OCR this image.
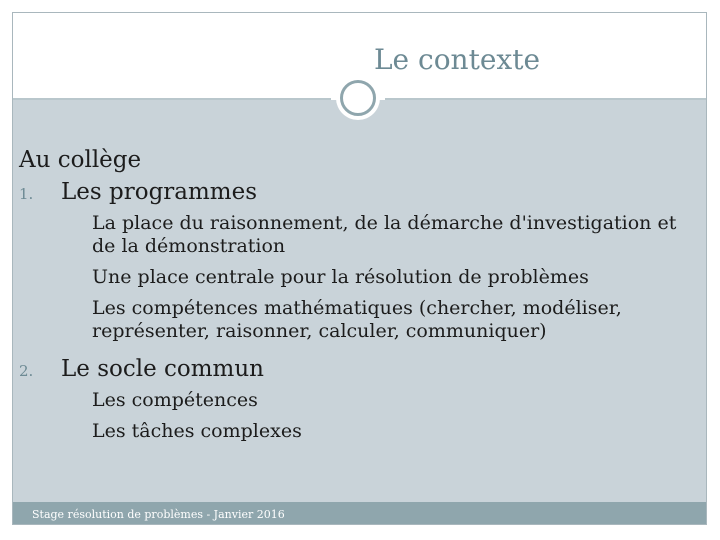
Le contexte

Au collège

1.	Les programmes
La place du raisonnement, de la démarche d'investigation et de la démonstration
Une place centrale pour la résolution de problèmes
Les compétences mathématiques (chercher, modéliser, représenter, raisonner, calculer, communiquer)
2.	Le socle commun
Les compétences
Les tâches complexes
Stage résolution de problèmes - Janvier 2016
